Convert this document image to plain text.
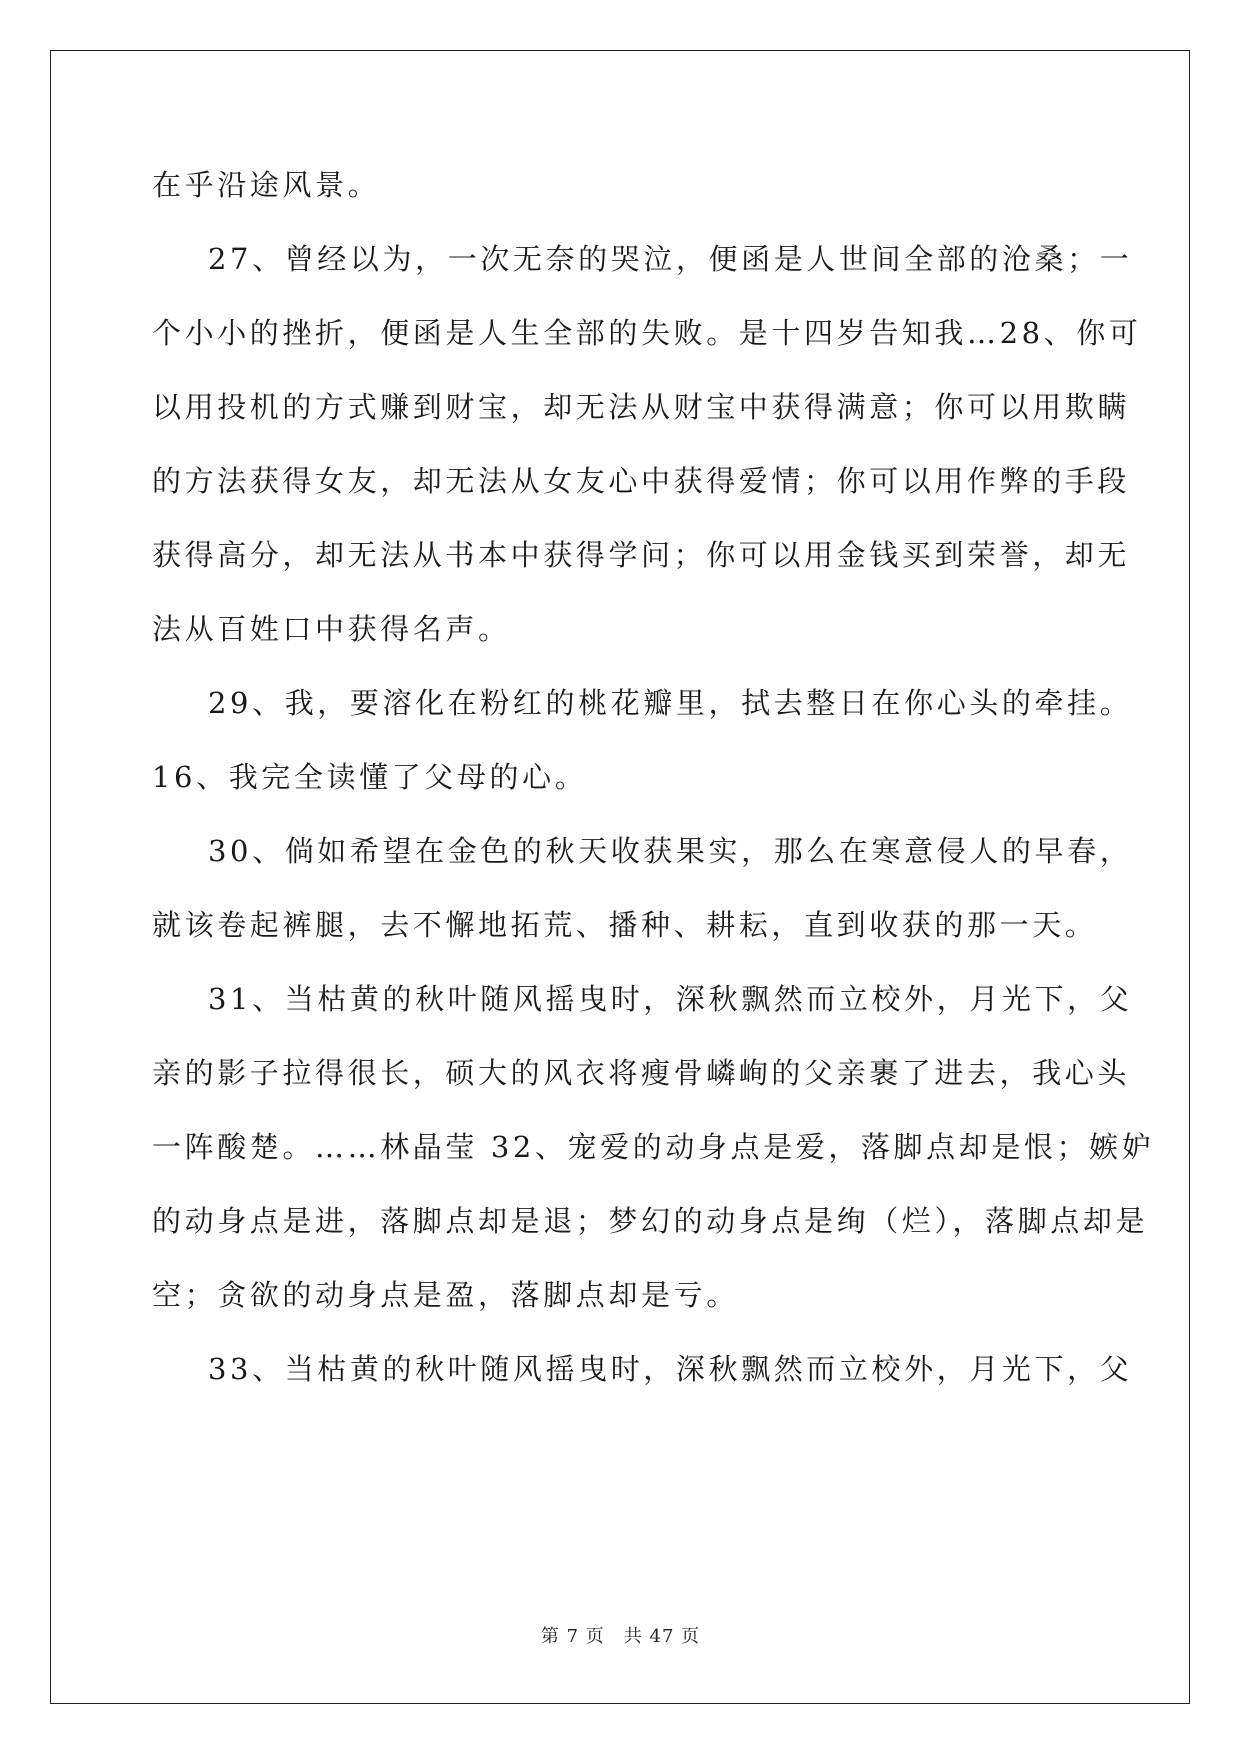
在乎沿途风景。
27、曾经以为，一次无奈的哭泣，便函是人世间全部的沧桑；一
个小小的挫折，便函是人生全部的失败。是十四岁告知我…28、你可
以用投机的方式赚到财宝，却无法从财宝中获得满意；你可以用欺瞒
的方法获得女友，却无法从女友心中获得爱情；你可以用作弊的手段
获得高分，却无法从书本中获得学问；你可以用金钱买到荣誉，却无
法从百姓口中获得名声。
29、我，要溶化在粉红的桃花瓣里，拭去整日在你心头的牵挂。
16、我完全读懂了父母的心。
30、倘如希望在金色的秋天收获果实，那么在寒意侵人的早春，
就该卷起裤腿，去不懈地拓荒、播种、耕耘，直到收获的那一天。
31、当枯黄的秋叶随风摇曳时，深秋飘然而立校外，月光下，父
亲的影子拉得很长，硕大的风衣将瘦骨嶙峋的父亲裹了进去，我心头
一阵酸楚。……林晶莹 32、宠爱的动身点是爱，落脚点却是恨；嫉妒
的动身点是进，落脚点却是退；梦幻的动身点是绚（烂），落脚点却是
空；贪欲的动身点是盈，落脚点却是亏。
33、当枯黄的秋叶随风摇曳时，深秋飘然而立校外，月光下，父
第 7 页　共 47 页
